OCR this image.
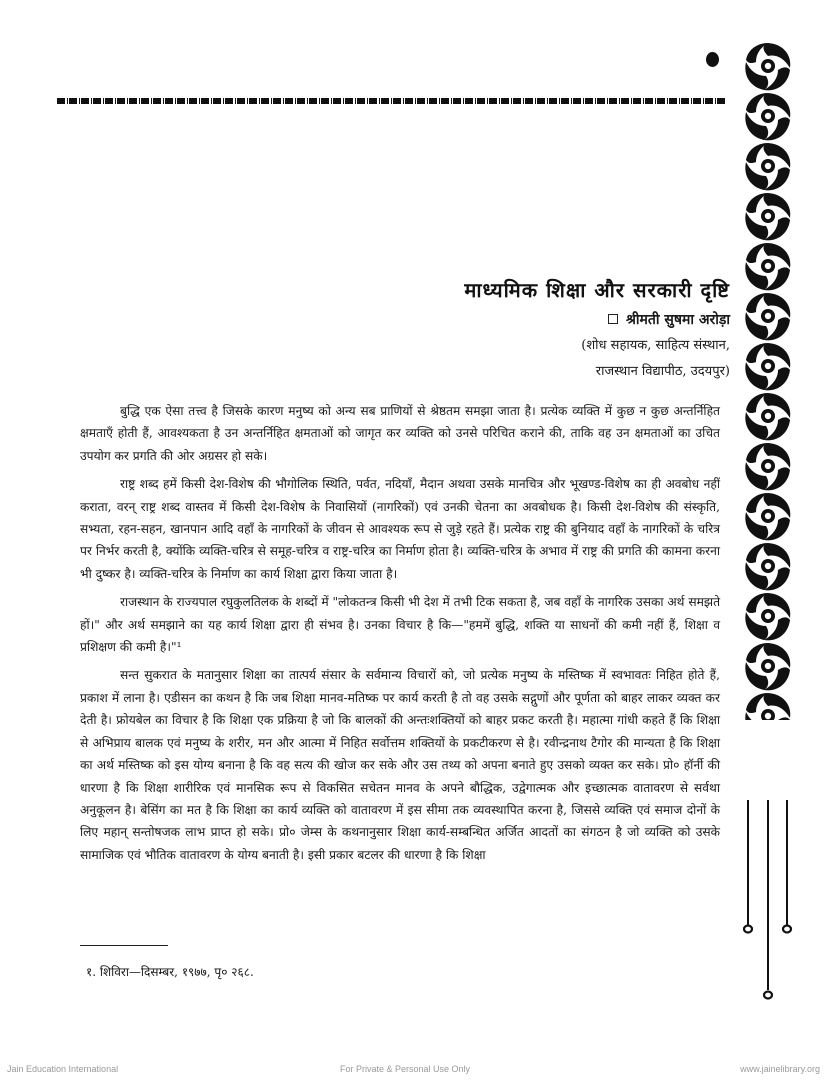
माध्यमिक शिक्षा और सरकारी दृष्टि
श्रीमती सुषमा अरोड़ा
(शोध सहायक, साहित्य संस्थान,
राजस्थान विद्यापीठ, उदयपुर)

बुद्धि एक ऐसा तत्त्व है जिसके कारण मनुष्य को अन्य सब प्राणियों से श्रेष्ठतम समझा जाता है। प्रत्येक व्यक्ति में कुछ न कुछ अन्तर्निहित क्षमताएँ होती हैं, आवश्यकता है उन अन्तर्निहित क्षमताओं को जागृत कर व्यक्ति को उनसे परिचित कराने की, ताकि वह उन क्षमताओं का उचित उपयोग कर प्रगति की ओर अग्रसर हो सके।

राष्ट्र शब्द हमें किसी देश-विशेष की भौगोलिक स्थिति, पर्वत, नदियाँ, मैदान अथवा उसके मानचित्र और भूखण्ड-विशेष का ही अवबोध नहीं कराता, वरन् राष्ट्र शब्द वास्तव में किसी देश-विशेष के निवासियों (नागरिकों) एवं उनकी चेतना का अवबोधक है। किसी देश-विशेष की संस्कृति, सभ्यता, रहन-सहन, खानपान आदि वहाँ के नागरिकों के जीवन से आवश्यक रूप से जुड़े रहते हैं। प्रत्येक राष्ट्र की बुनियाद वहाँ के नागरिकों के चरित्र पर निर्भर करती है, क्योंकि व्यक्ति-चरित्र से समूह-चरित्र व राष्ट्र-चरित्र का निर्माण होता है। व्यक्ति-चरित्र के अभाव में राष्ट्र की प्रगति की कामना करना भी दुष्कर है। व्यक्ति-चरित्र के निर्माण का कार्य शिक्षा द्वारा किया जाता है।

राजस्थान के राज्यपाल रघुकुलतिलक के शब्दों में "लोकतन्त्र किसी भी देश में तभी टिक सकता है, जब वहाँ के नागरिक उसका अर्थ समझते हों।" और अर्थ समझाने का यह कार्य शिक्षा द्वारा ही संभव है। उनका विचार है कि—"हममें बुद्धि, शक्ति या साधनों की कमी नहीं हैं, शिक्षा व प्रशिक्षण की कमी है।"¹

सन्त सुकरात के मतानुसार शिक्षा का तात्पर्य संसार के सर्वमान्य विचारों को, जो प्रत्येक मनुष्य के मस्तिष्क में स्वभावतः निहित होते हैं, प्रकाश में लाना है। एडीसन का कथन है कि जब शिक्षा मानव-मतिष्क पर कार्य करती है तो वह उसके सद्गुणों और पूर्णता को बाहर लाकर व्यक्त कर देती है। फ्रोयबेल का विचार है कि शिक्षा एक प्रक्रिया है जो कि बालकों की अन्तःशक्तियों को बाहर प्रकट करती है। महात्मा गांधी कहते हैं कि शिक्षा से अभिप्राय बालक एवं मनुष्य के शरीर, मन और आत्मा में निहित सर्वोत्तम शक्तियों के प्रकटीकरण से है। रवीन्द्रनाथ टैगोर की मान्यता है कि शिक्षा का अर्थ मस्तिष्क को इस योग्य बनाना है कि वह सत्य की खोज कर सके और उस तथ्य को अपना बनाते हुए उसको व्यक्त कर सके। प्रो० हॉर्नी की धारणा है कि शिक्षा शारीरिक एवं मानसिक रूप से विकसित सचेतन मानव के अपने बौद्धिक, उद्वेगात्मक और इच्छात्मक वातावरण से सर्वथा अनुकूलन है। बेसिंग का मत है कि शिक्षा का कार्य व्यक्ति को वातावरण में इस सीमा तक व्यवस्थापित करना है, जिससे व्यक्ति एवं समाज दोनों के लिए महान् सन्तोषजक लाभ प्राप्त हो सके। प्रो० जेम्स के कथनानुसार शिक्षा कार्य-सम्बन्धित अर्जित आदतों का संगठन है जो व्यक्ति को उसके सामाजिक एवं भौतिक वातावरण के योग्य बनाती है। इसी प्रकार बटलर की धारणा है कि शिक्षा

१. शिविरा—दिसम्बर, १९७७, पृ० २६८.
Jain Education International	For Private & Personal Use Only	www.jainelibrary.org
